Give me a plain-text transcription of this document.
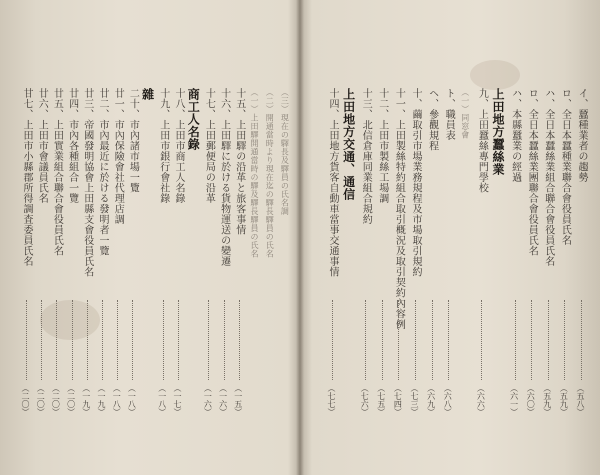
甘七、上田市小縣郡所得調査委員氏名
（二〇）
廿六、上田市會議員氏名
（二〇）
廿五、上田實業組合聯合會役員氏名
（二〇）
廿四、市內各種組合一覽
（二〇）
廿三、帝國發明協會上田縣支會役員氏名
（一九）
廿二、市內最近に於ける發明者一覽
（一九）
廿一、市內保險會社代理店調
（一八）
二十、市內諸市場一覽
（一八）
雜 十九、上田市銀行會社錄
（一八）
十八、上田市商工人名錄
（一七）
商工人名錄 十七、上田郵便局の沿革
（一六）
十六、上田驛に於ける貨物運送の變遷
（一六）
十五、上田驛の沿革と旅客事情
（一五）
（一）上田驛開通當時の驛及驛長驛員の氏名 （二）開通當時より現在迄の驛長驛員の氏名 （三）現在の驛長及驛員の氏名調	十四、上田地方貨客自動車當事交通事情
（七七）
上田地方交通、通信 十三、北信倉庫同業組合規約
（七六）
十二、上田市製絲工場調
（七五）
十一、上田製絲特約組合取引概況及取引契約內容例
（七四）
十、繭取引市場業務規程及市場取引規約
（七三）
ヘ、參觀規程
（六九）
ト、職員表
（六八）
（一）同窓會 九、上田蠶絲專門學校
（六六）
上田地方蠶絲業 ハ、本縣蠶業の經過
（六一）
ロ、全日本蠶絲業團聯合會役員氏名
（六〇）
ハ、全日本蠶絲業組合聯合會役員氏名
（五九）
ロ、全日本蠶種業聯合會役員氏名
（五九）
イ、蠶種業者の趨勢
（五八）
